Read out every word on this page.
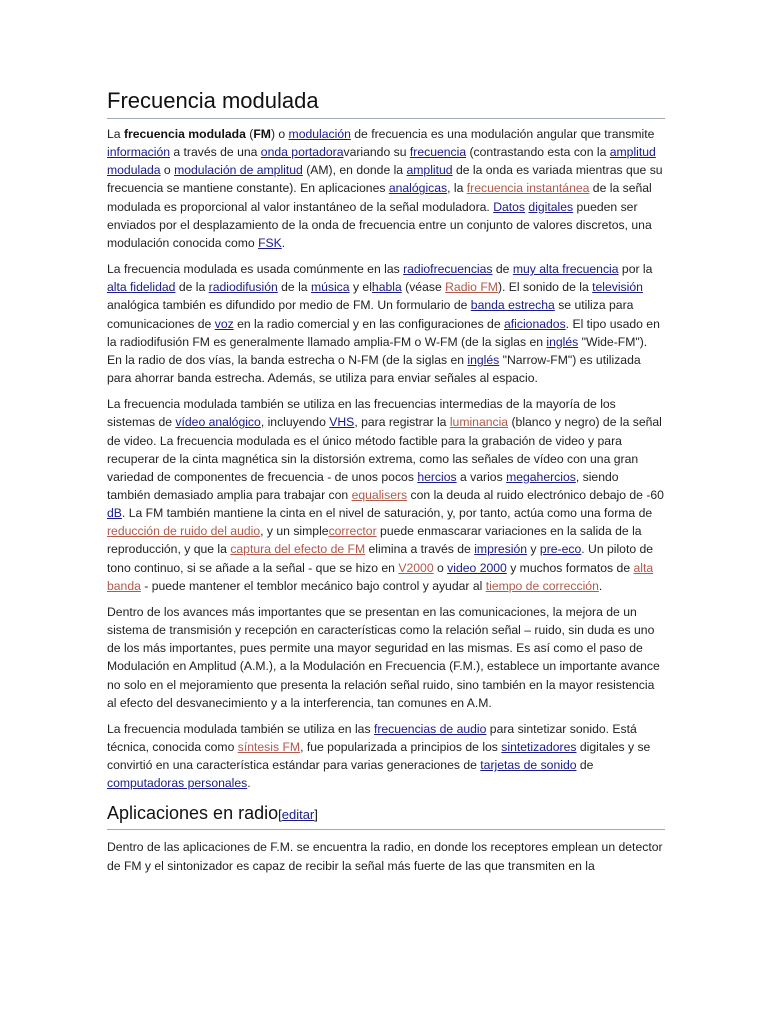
Frecuencia modulada

La frecuencia modulada (FM) o modulación de frecuencia es una modulación angular que transmite información a través de una onda portadoravariando su frecuencia (contrastando esta con la amplitud modulada o modulación de amplitud (AM), en donde la amplitud de la onda es variada mientras que su frecuencia se mantiene constante). En aplicaciones analógicas, la frecuencia instantánea de la señal modulada es proporcional al valor instantáneo de la señal moduladora. Datos digitales pueden ser enviados por el desplazamiento de la onda de frecuencia entre un conjunto de valores discretos, una modulación conocida como FSK.

La frecuencia modulada es usada comúnmente en las radiofrecuencias de muy alta frecuencia por la alta fidelidad de la radiodifusión de la música y elhabla (véase Radio FM). El sonido de la televisión analógica también es difundido por medio de FM. Un formulario de banda estrecha se utiliza para comunicaciones de voz en la radio comercial y en las configuraciones de aficionados. El tipo usado en la radiodifusión FM es generalmente llamado amplia-FM o W-FM (de la siglas en inglés "Wide-FM"). En la radio de dos vías, la banda estrecha o N-FM (de la siglas en inglés "Narrow-FM") es utilizada para ahorrar banda estrecha. Además, se utiliza para enviar señales al espacio.

La frecuencia modulada también se utiliza en las frecuencias intermedias de la mayoría de los sistemas de vídeo analógico, incluyendo VHS, para registrar la luminancia (blanco y negro) de la señal de video. La frecuencia modulada es el único método factible para la grabación de video y para recuperar de la cinta magnética sin la distorsión extrema, como las señales de vídeo con una gran variedad de componentes de frecuencia - de unos pocos hercios a varios megahercios, siendo también demasiado amplia para trabajar con equalisers con la deuda al ruido electrónico debajo de -60 dB. La FM también mantiene la cinta en el nivel de saturación, y, por tanto, actúa como una forma de reducción de ruido del audio, y un simplecorrector puede enmascarar variaciones en la salida de la reproducción, y que la captura del efecto de FM elimina a través de impresión y pre-eco. Un piloto de tono continuo, si se añade a la señal - que se hizo en V2000 o video 2000 y muchos formatos de alta banda - puede mantener el temblor mecánico bajo control y ayudar al tiempo de corrección.

Dentro de los avances más importantes que se presentan en las comunicaciones, la mejora de un sistema de transmisión y recepción en características como la relación señal – ruido, sin duda es uno de los más importantes, pues permite una mayor seguridad en las mismas. Es así como el paso de Modulación en Amplitud (A.M.), a la Modulación en Frecuencia (F.M.), establece un importante avance no solo en el mejoramiento que presenta la relación señal ruido, sino también en la mayor resistencia al efecto del desvanecimiento y a la interferencia, tan comunes en A.M.

La frecuencia modulada también se utiliza en las frecuencias de audio para sintetizar sonido. Está técnica, conocida como síntesis FM, fue popularizada a principios de los sintetizadores digitales y se convirtió en una característica estándar para varias generaciones de tarjetas de sonido de computadoras personales.

Aplicaciones en radio[editar]

Dentro de las aplicaciones de F.M. se encuentra la radio, en donde los receptores emplean un detector de FM y el sintonizador es capaz de recibir la señal más fuerte de las que transmiten en la
